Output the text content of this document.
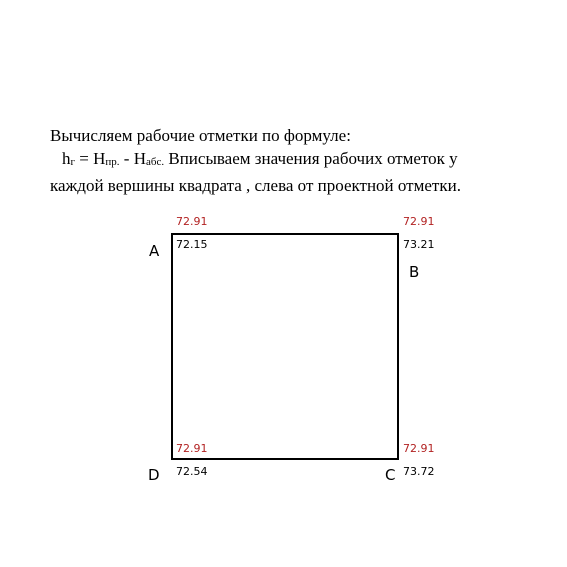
Вычисляем рабочие отметки по формуле:
$h_г = H_{пр.} - H_{абс.}$ Вписываем значения рабочих отметок у
каждой вершины квадрата , слева от проектной отметки.
72.91
72.15
A
72.91
73.21
B
72.91
72.54
D
72.91
73.72
C
